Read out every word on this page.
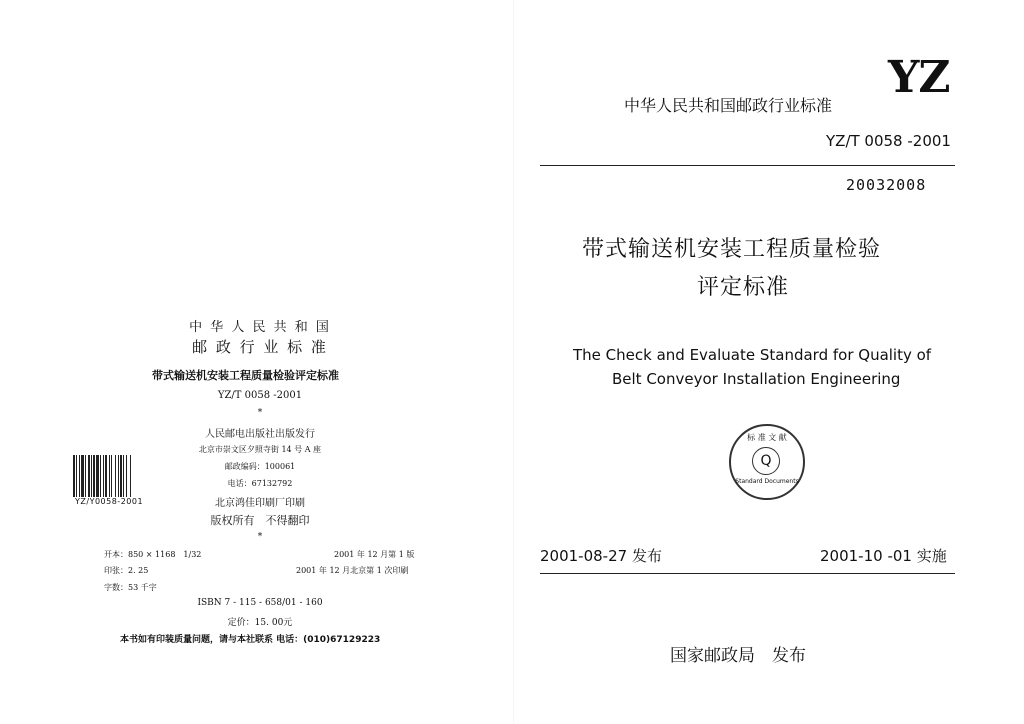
中 华 人 民 共 和 国
邮 政 行 业 标 准
带式输送机安装工程质量检验评定标准
YZ/T 0058 -2001
*
人民邮电出版社出版发行
北京市崇文区夕照寺街 14 号 A 座
邮政编码：100061
电话：67132792
北京鸿佳印刷厂印刷
版权所有　不得翻印
*
开本：850 × 1168　1/32	2001 年 12 月第 1 版
印张：2. 25	2001 年 12 月北京第 1 次印刷
字数：53 千字
ISBN 7 - 115 - 658/01 - 160
定价：15. 00元
本书如有印装质量问题，请与本社联系 电话：(010)67129223
YZ/Y0058-2001
YZ
中华人民共和国邮政行业标准
YZ/T 0058 -2001
20032008
带式输送机安装工程质量检验
评定标准
The Check and Evaluate Standard for Quality of
Belt Conveyor Installation Engineering
标 准 文 献
Q
Standard Documents
2001-08-27 发布	2001-10 -01 实施
国家邮政局　发布
